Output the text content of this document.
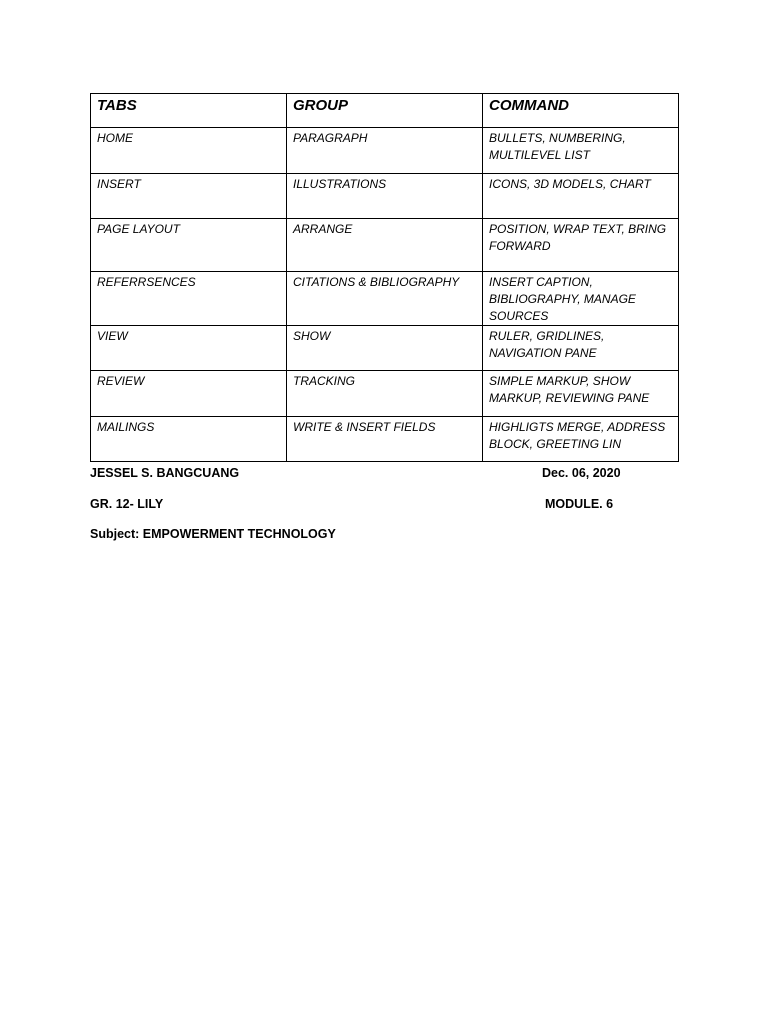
TABS	GROUP	COMMAND

HOME	PARAGRAPH	BULLETS, NUMBERING, MULTILEVEL LIST

INSERT	ILLUSTRATIONS	ICONS, 3D MODELS, CHART

PAGE LAYOUT	ARRANGE	POSITION, WRAP TEXT, BRING FORWARD

REFERRSENCES	CITATIONS & BIBLIOGRAPHY	INSERT CAPTION, BIBLIOGRAPHY, MANAGE SOURCES

VIEW	SHOW	RULER, GRIDLINES, NAVIGATION PANE

REVIEW	TRACKING	SIMPLE MARKUP, SHOW MARKUP, REVIEWING PANE

MAILINGS	WRITE & INSERT FIELDS	HIGHLIGTS MERGE, ADDRESS BLOCK, GREETING LIN
JESSEL S. BANGCUANG	Dec. 06, 2020
GR. 12- LILY	MODULE. 6
Subject: EMPOWERMENT TECHNOLOGY
